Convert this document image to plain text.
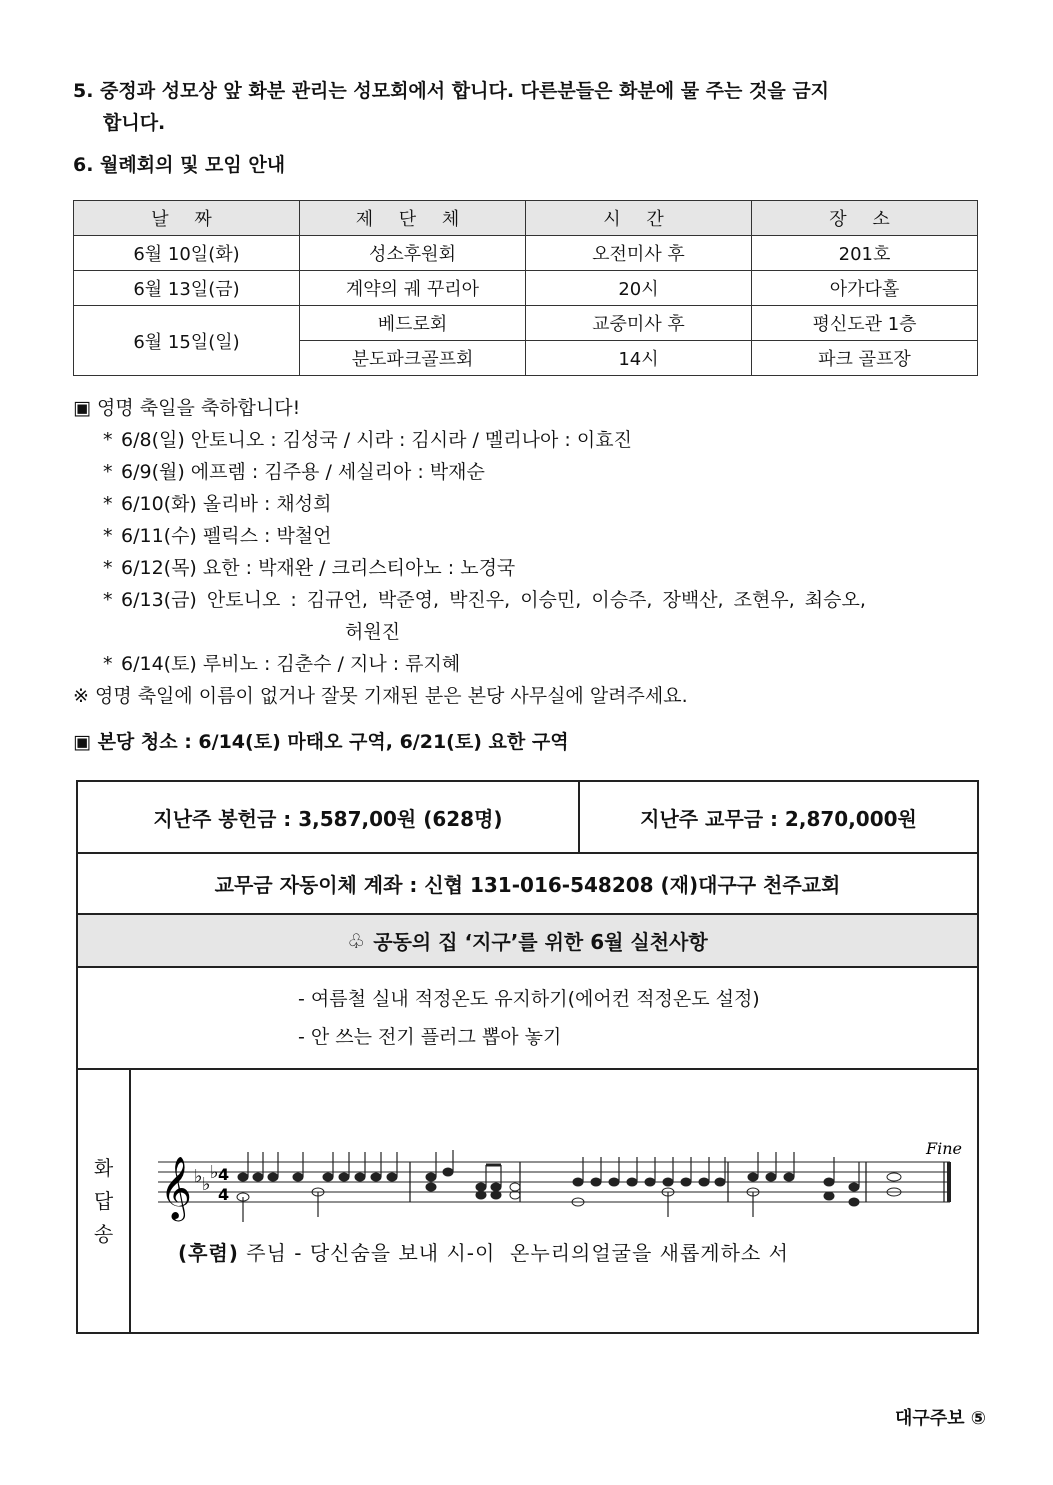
5. 중정과 성모상 앞 화분 관리는 성모회에서 합니다. 다른분들은 화분에 물 주는 것을 금지
합니다.
6. 월례회의 및 모임 안내
날 짜	제 단 체	시 간	장 소
6월 10일(화)	성소후원회	오전미사 후	201호
6월 13일(금)	계약의 궤 꾸리아	20시	아가다홀
6월 15일(일)	베드로회	교중미사 후	평신도관 1층
	분도파크골프회	14시	파크 골프장
▣ 영명 축일을 축하합니다!
* 6/8(일) 안토니오 : 김성국 / 시라 : 김시라 / 멜리나아 : 이효진
* 6/9(월) 에프렘 : 김주용 / 세실리아 : 박재순
* 6/10(화) 올리바 : 채성희
* 6/11(수) 펠릭스 : 박철언
* 6/12(목) 요한 : 박재완 / 크리스티아노 : 노경국
* 6/13(금) 안토니오 : 김규언, 박준영, 박진우, 이승민, 이승주, 장백산, 조현우, 최승오,
허원진
* 6/14(토) 루비노 : 김춘수 / 지나 : 류지혜
※ 영명 축일에 이름이 없거나 잘못 기재된 분은 본당 사무실에 알려주세요.
▣ 본당 청소 : 6/14(토) 마태오 구역, 6/21(토) 요한 구역
지난주 봉헌금 : 3,587,00원 (628명)	지난주 교무금 : 2,870,000원
교무금 자동이체 계좌 : 신협 131-016-548208 (재)대구구 천주교회
♧ 공동의 집 ‘지구’를 위한 6월 실천사항
- 여름철 실내 적정온도 유지하기(에어컨 적정온도 설정)
- 안 쓰는 전기 플러그 뽑아 놓기
화
답
송
𝄞 ♭ ♭
♭ 4
4
Fine
(후렴) 주님 - 당신숨을 보내 시-이  온누리의얼굴을 새롭게하소 서
대구주보 ⑤
